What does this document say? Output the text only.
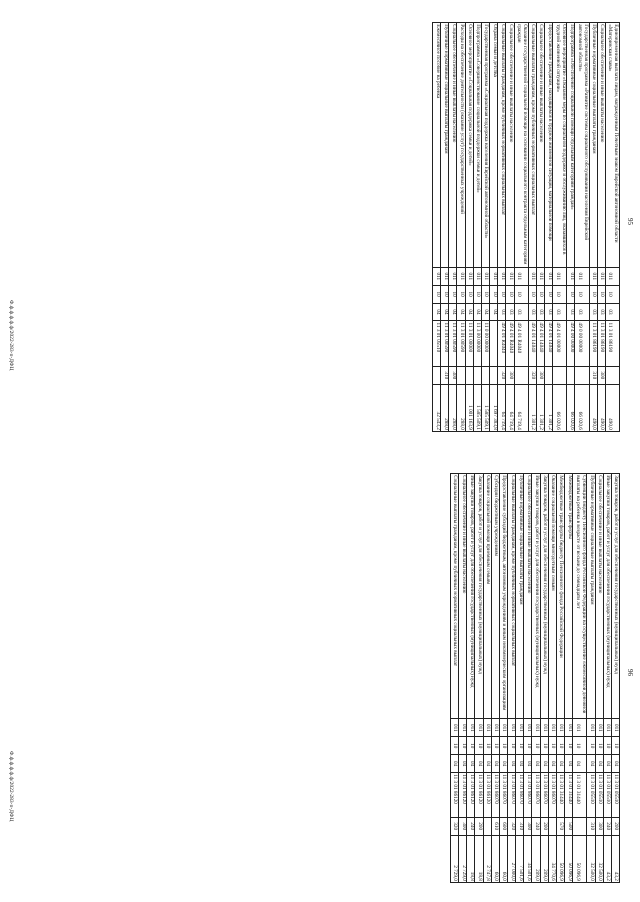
95
Единовременная выплата лицам, награжденным Почетным знаком Еврейской автономной области «Материнская слава»	011	10	03	11 3 01 86190		490,0
Социальное обеспечение и иные выплаты населению	011	10	03	11 3 01 86190	300	490,0
Публичные нормативные социальные выплаты гражданам	011	10	03	11 3 01 86190	310	490,0
Государственная программа «Развитие системы социального обслуживания населения Еврейской автономной области»	011	10	03	49 0 00 00000		66 020,6
Подпрограмма «Обеспечение социальной помощи отдельным категориям граждан»	011	10	03	49 4 00 00000		66 020,6
Основное мероприятие «Оказание меры по социальной поддержке и обслуживанию лиц, оказавшихся в трудной жизненной ситуации»	011	10	03	49 4 01 00000		66 020,6
Предоставление гражданам, находящимся в трудной жизненной ситуации, материальной помощи	011	10	03	49 4 01 14040		1 301,2
Социальное обеспечение и иные выплаты населению	011	10	03	49 4 01 14040	300	1 301,2
Социальные выплаты гражданам, кроме публичных нормативных социальных выплат	011	10	03	49 4 01 14040	320	1 301,2
Оказание государственной социальной помощи на основании социального контракта отдельным категориям граждан	011	10	03	49 4 01 R4040		64 719,4
Социальное обеспечение и иные выплаты населению	011	10	03	49 4 01 R4040	300	64 719,4
Социальные выплаты гражданам, кроме публичных нормативных социальных выплат	011	10	03	49 4 01 R4040	320	64 719,4
Охрана семьи и детства	011	10	04			1 697 383,8
Государственная программа «Социальная поддержка населения Еврейской автономной области»	011	10	04	11 0 00 00000		1 585 509,1
Подпрограмма «Совершенствование социальной поддержки семьи и детей»	011	10	04	11 3 00 00000		1 585 509,1
Основное мероприятие «Социальная поддержка семьи и детей»	011	10	04	11 3 01 00000		1 001 163,9
Расходы на обеспечение деятельности (оказание услуг) государственных учреждений	011	10	04	11 3 01 00590		288,0
Социальное обеспечение и иные выплаты населению	011	10	04	11 3 01 00590	300	288,0
Публичные нормативные социальные выплаты гражданам	011	10	04	11 3 01 00590	310	288,0
Ежемесячное пособие на ребенка	011	10	04	11 3 01 05510		32 543,2
Ф.ф.ф.ф.ф.ф/2022-283-п-ДФЦ
96
Закупка товаров, работ и услуг для обеспечения государственных (муниципальных) нужд	011	10	04	11 3 01 05510	200	43,2
Иные закупки товаров, работ и услуг для обеспечения государственных (муниципальных) нужд	011	10	04	11 3 01 05510	240	43,2
Социальное обеспечение и иные выплаты населению	011	10	04	11 3 01 05510	300	32 500,0
Публичные нормативные социальные выплаты гражданам	011	10	04	11 3 01 05510	310	32 500,0
Субвенции бюджету Пенсионного фонда Российской Федерации на осуществление ежемесячной денежной выплаты на ребенка в возрасте от восьми до семнадцати лет	011	10	04	11 3 01 31440		50 096,9
Межбюджетные трансферты	011	10	04	11 3 01 31440	500	50 096,9
Межбюджетные трансферты бюджету Пенсионного фонда Российской Федерации	011	10	04	11 3 01 31440	570	50 096,9
Оказание социальной помощи многодетным семьям	011	10	04	11 3 01 86070		34 770,6
Закупка товаров, работ и услуг для обеспечения государственных (муниципальных) нужд	011	10	04	11 3 01 86070	200	209,0
Иные закупки товаров, работ и услуг для обеспечения государственных (муниципальных) нужд	011	10	04	11 3 01 86070	240	209,0
Социальное обеспечение и иные выплаты населению	011	10	04	11 3 01 86070	300	34 501,6
Публичные нормативные социальные выплаты гражданам	011	10	04	11 3 01 86070	310	7 501,6
Социальные выплаты гражданам, кроме публичных нормативных социальных выплат	011	10	04	11 3 01 86070	320	27 000,0
Предоставление субсидий бюджетным, автономным учреждениям и иным некоммерческим организациям	011	10	04	11 3 01 86070	600	60,0
Субсидии бюджетным учреждениям	011	10	04	11 3 01 86070	610	60,0
Оказание социальной помощи приемным семьям	011	10	04	11 3 01 86120		2 747,8
Закупка товаров, работ и услуг для обеспечения государственных (муниципальных) нужд	011	10	04	11 3 01 86120	200	18,8
Иные закупки товаров, работ и услуг для обеспечения государственных (муниципальных) нужд	011	10	04	11 3 01 86120	240	18,8
Социальное обеспечение и иные выплаты населению	011	10	04	11 3 01 86120	300	2 729,0
Социальные выплаты гражданам, кроме публичных нормативных социальных выплат	011	10	04	11 3 01 86120	320	2 729,0
Ф.ф.ф.ф.ф.ф/2022-283-п-ДФЦ
